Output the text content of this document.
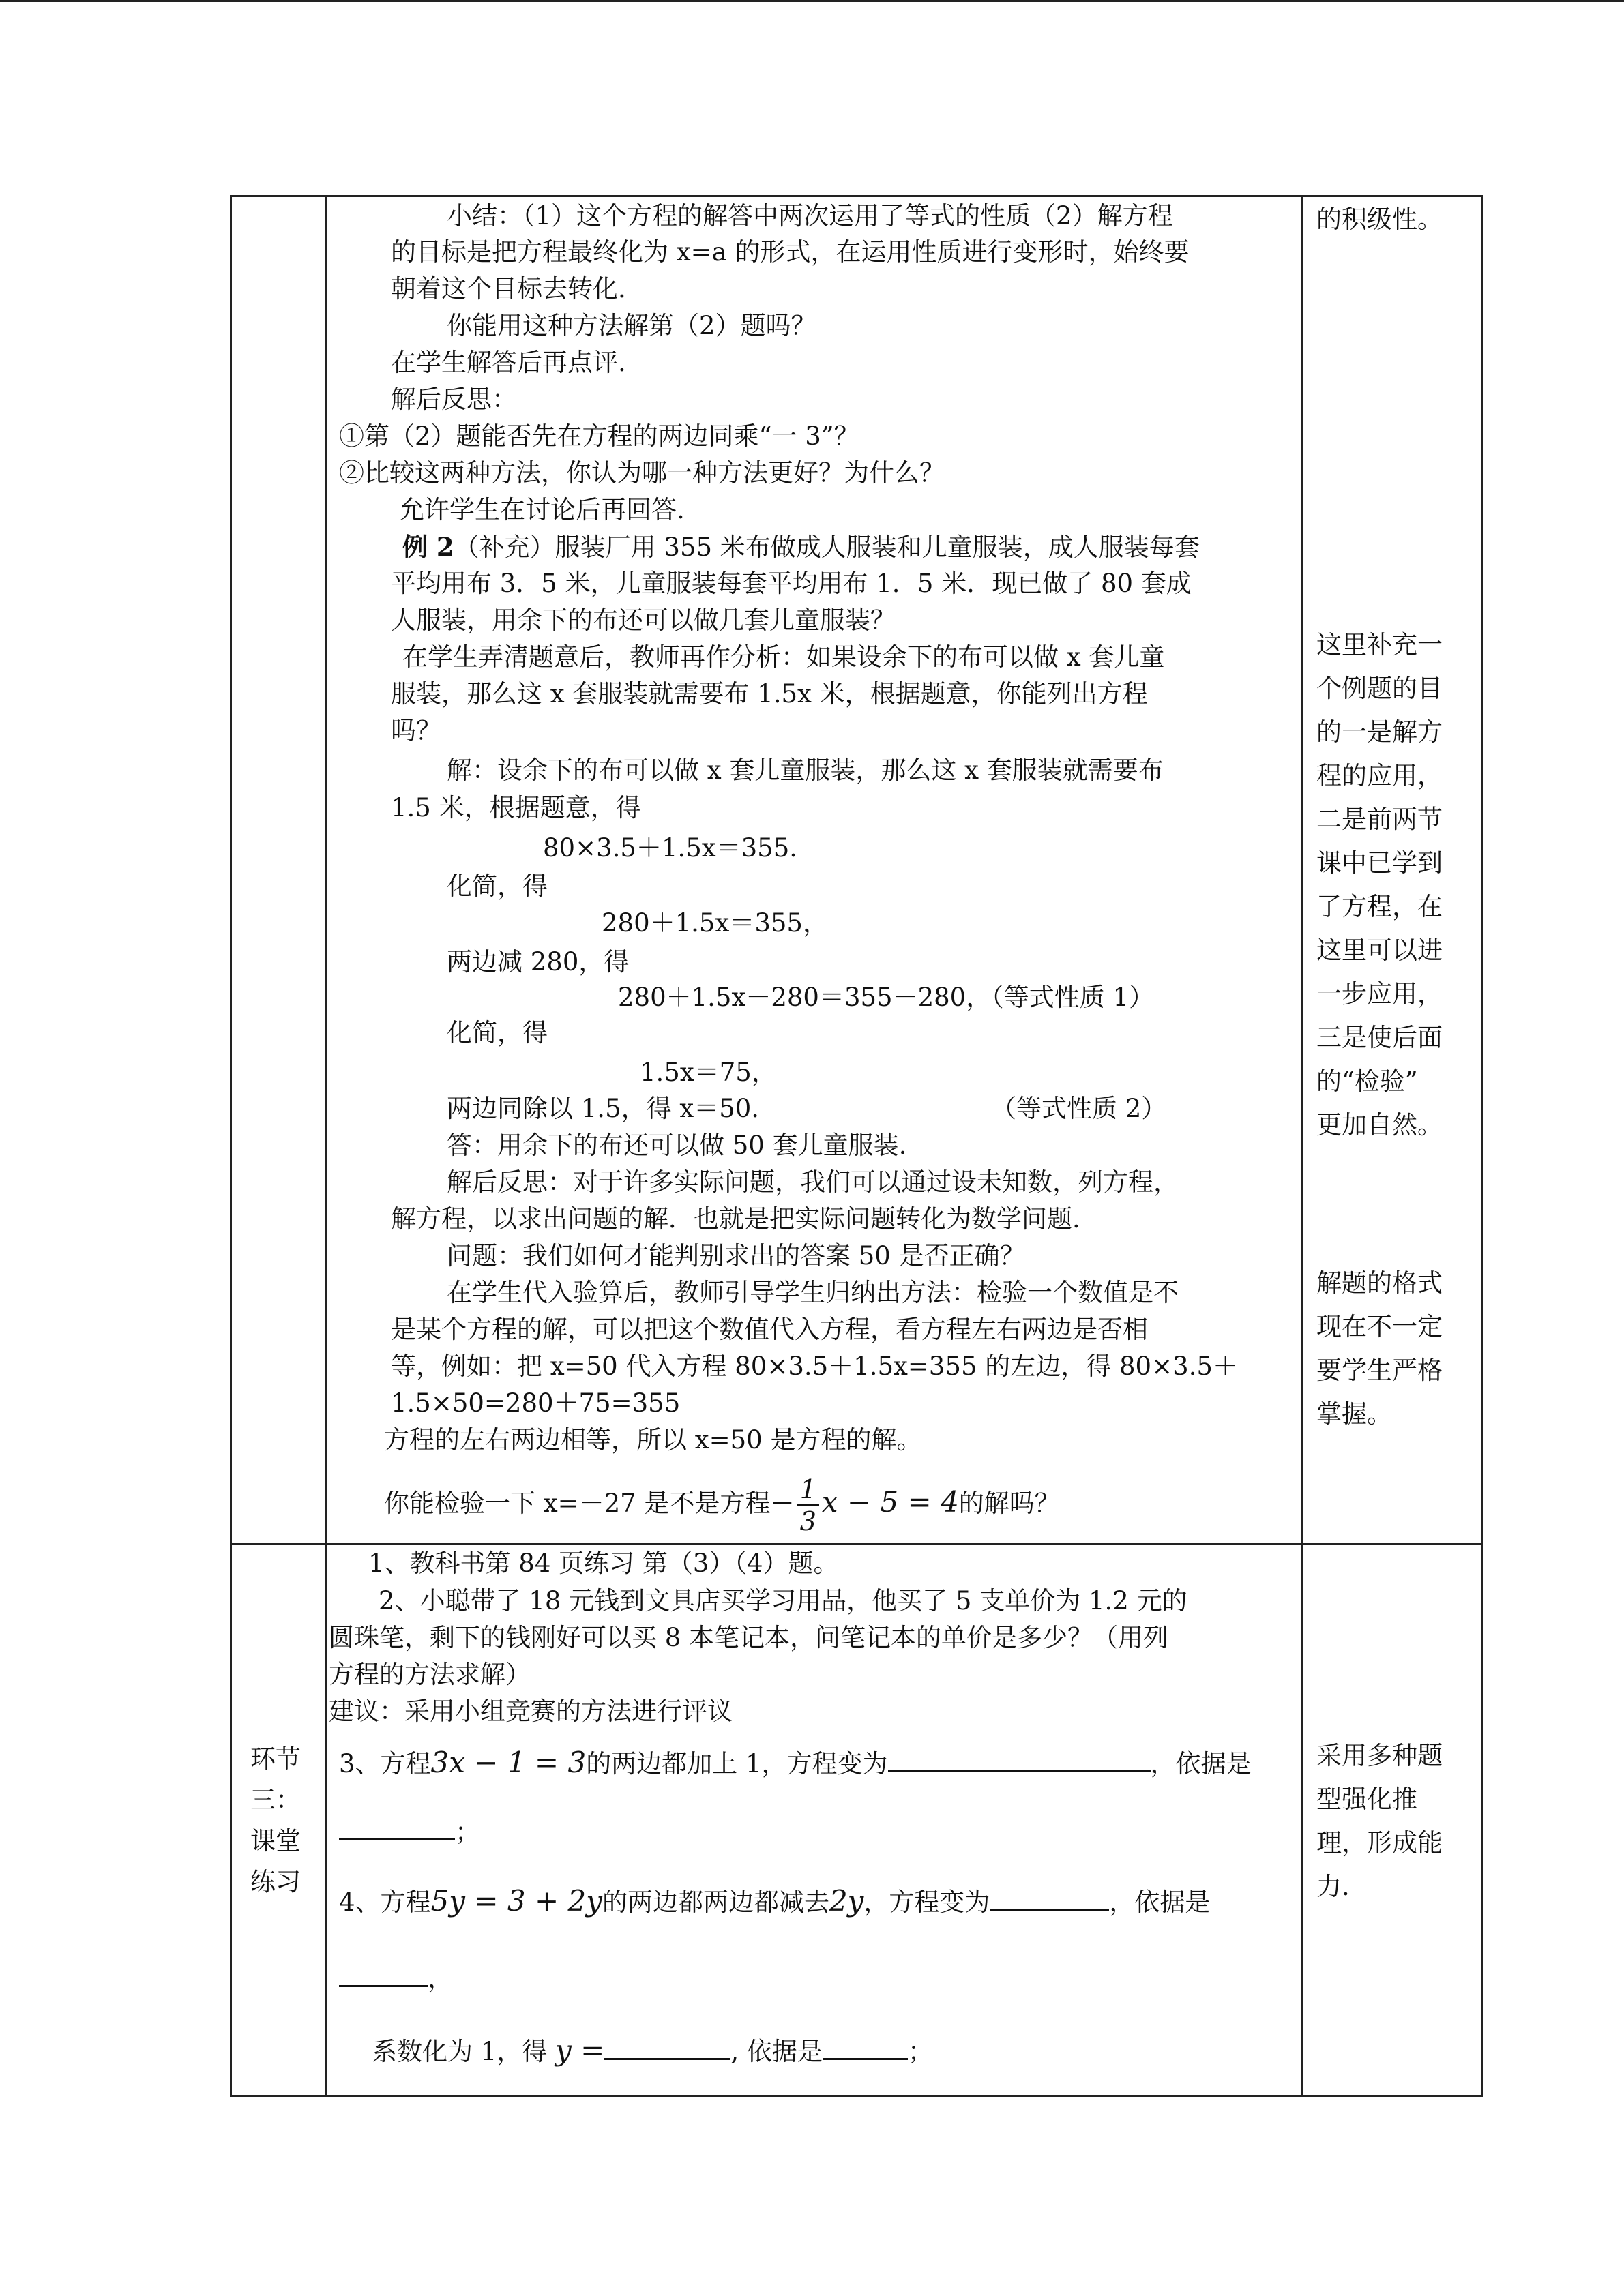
小结：（1）这个方程的解答中两次运用了等式的性质（2）解方程
的目标是把方程最终化为 x=a 的形式，在运用性质进行变形时，始终要
朝着这个目标去转化.
你能用这种方法解第（2）题吗？
在学生解答后再点评.
解后反思：
①第（2）题能否先在方程的两边同乘“一 3”？
②比较这两种方法，你认为哪一种方法更好？为什么？
允许学生在讨论后再回答.
例 2（补充）服装厂用 355 米布做成人服装和儿童服装，成人服装每套
平均用布 3．5 米，儿童服装每套平均用布 1．5 米．现已做了 80 套成
人服装，用余下的布还可以做几套儿童服装？
在学生弄清题意后，教师再作分析：如果设余下的布可以做 x 套儿童
服装，那么这 x 套服装就需要布 1.5x 米，根据题意，你能列出方程
吗？
解：设余下的布可以做 x 套儿童服装，那么这 x 套服装就需要布
1.5 米，根据题意，得
80×3.5＋1.5x＝355.
化简，得
280＋1.5x＝355，
两边减 280，得
280＋1.5x－280＝355－280，（等式性质 1）
化简，得
1.5x＝75，
两边同除以 1.5，得 x＝50.	（等式性质 2）
答：用余下的布还可以做 50 套儿童服装.
解后反思：对于许多实际问题，我们可以通过设未知数，列方程，
解方程，以求出问题的解．也就是把实际问题转化为数学问题.
问题：我们如何才能判别求出的答案 50 是否正确？
在学生代入验算后，教师引导学生归纳出方法：检验一个数值是不
是某个方程的解，可以把这个数值代入方程，看方程左右两边是否相
等，例如：把 x=50 代入方程 80×3.5＋1.5x=355 的左边，得 80×3.5＋
1.5×50=280＋75=355
方程的左右两边相等，所以 x=50 是方程的解。
你能检验一下 x=－27 是不是方程− $\frac{1}{3}$ x − 5 = 4的解吗？
的积级性。
这里补充一
个例题的目
的一是解方
程的应用，
二是前两节
课中已学到
了方程，在
这里可以进
一步应用，
三是使后面
的“检验”
更加自然。
解题的格式
现在不一定
要学生严格
掌握。
环节
三：
课堂
练习
1、教科书第 84 页练习 第（3）（4）题。
2、小聪带了 18 元钱到文具店买学习用品，他买了 5 支单价为 1.2 元的
圆珠笔，剩下的钱刚好可以买 8 本笔记本，问笔记本的单价是多少？（用列
方程的方法求解）
建议：采用小组竞赛的方法进行评议
3、方程3x − 1 = 3的两边都加上 1，方程变为	，依据是
；
4、方程5y = 3 + 2y的两边都两边都减去2y，方程变为	，依据是
，
系数化为 1，得 y =	, 依据是	；
采用多种题
型强化推
理，形成能
力.
